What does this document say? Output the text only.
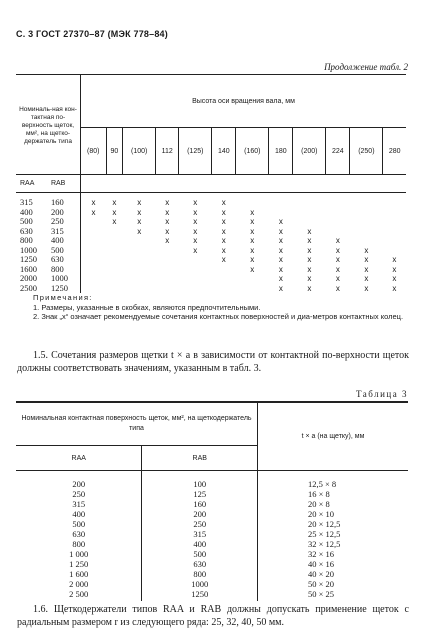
С. 3 ГОСТ 27370–87 (МЭК 778–84)
Продолжение табл. 2
Номиналь-ная кон-тактная по-верхность щеток, мм², на щетко-держатель типа		Высота оси вращения вала, мм											
		(80)	90	(100)	112	(125)	140	(160)	180	(200)	224	(250)	280
RAA	RAB												
315	160	x	x	x	x	x	x						
400	200	x	x	x	x	x	x	x					
500	250		x	x	x	x	x	x	x				
630	315			x	x	x	x	x	x	x			
800	400				x	x	x	x	x	x	x		
1000	500					x	x	x	x	x	x	x	
1250	630						x	x	x	x	x	x	x
1600	800							x	x	x	x	x	x
2000	1000								x	x	x	x	x
2500	1250								x	x	x	x	x
Примечания:
1. Размеры, указанные в скобках, являются предпочтительными.
2. Знак „x“ означает рекомендуемые сочетания контактных поверхностей и диа-метров контактных колец.
1.5. Сочетания размеров щетки t × a в зависимости от контактной по-верхности щеток должны соответствовать значениям, указанным в табл. 3.
Таблица 3
Номинальная контактная поверхность щеток, мм², на щеткодержатель типа		t × a (на щетку), мм
RAA	RAB	
200	100	12,5 × 8
250	125	16 × 8
315	160	20 × 8
400	200	20 × 10
500	250	20 × 12,5
630	315	25 × 12,5
800	400	32 × 12,5
1 000	500	32 × 16
1 250	630	40 × 16
1 600	800	40 × 20
2 000	1000	50 × 20
2 500	1250	50 × 25
1.6. Щеткодержатели типов RAA и RAB должны допускать применение щеток с радиальным размером r из следующего ряда: 25, 32, 40, 50 мм.
